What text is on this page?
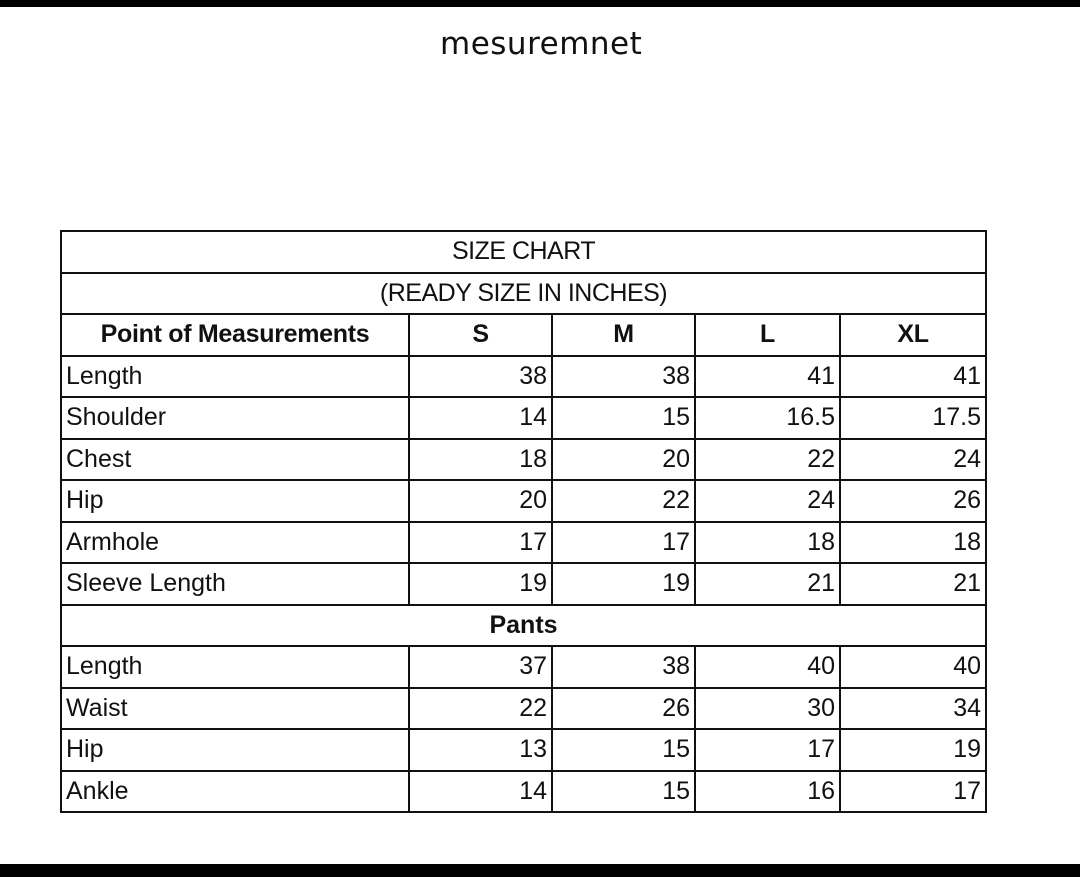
mesuremnet
SIZE CHART				
(READY SIZE IN INCHES)				
Point of Measurements	S	M	L	XL
Length	38	38	41	41
Shoulder	14	15	16.5	17.5
Chest	18	20	22	24
Hip	20	22	24	26
Armhole	17	17	18	18
Sleeve Length	19	19	21	21
Pants				
Length	37	38	40	40
Waist	22	26	30	34
Hip	13	15	17	19
Ankle	14	15	16	17
